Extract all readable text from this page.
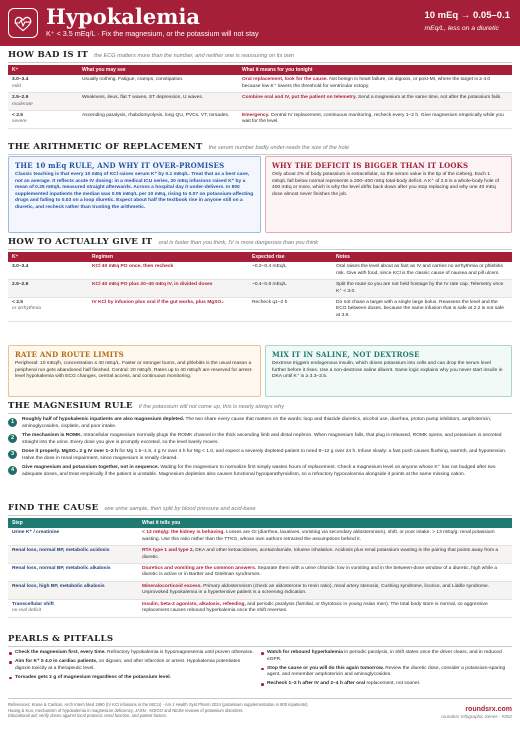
Hypokalemia
K⁺ < 3.5 mEq/L · Fix the magnesium, or the potassium will not stay
10 mEq → 0.05–0.1
mEq/L, less on a diuretic
HOW BAD IS IT the ECG matters more than the number, and neither one is reassuring on its own
K⁺	What you may see	What it means for you tonight
3.0–3.4
mild	Usually nothing. Fatigue, cramps, constipation.	Oral replacement, look for the cause. Not benign in heart failure, on digoxin, or post-MI, where the target is ≥ 4.0 because low K⁺ lowers the threshold for ventricular ectopy.
2.5–2.9
moderate	Weakness, ileus, flat T waves, ST depression, U waves.	Combine oral and IV, put the patient on telemetry. Send a magnesium at the same time, not after the potassium fails.
< 2.5
severe	Ascending paralysis, rhabdomyolysis, long QU, PVCs, VT, torsades.	Emergency. Central IV replacement, continuous monitoring, recheck every 1–2 h. Give magnesium empirically while you wait for the level.
THE ARITHMETIC OF REPLACEMENT the serum number badly under-reads the size of the hole
THE 10 mEq RULE, AND WHY IT OVER-PROMISES
Classic teaching is that every 10 mEq of KCl raises serum K⁺ by 0.1 mEq/L. Treat that as a best case, not an average. It reflects acute IV dosing: in a medical ICU series, 20 mEq infusions raised K⁺ by a mean of 0.25 mEq/L measured straight afterwards. Across a hospital day it under-delivers. In 800 supplemented inpatients the median was 0.05 mEq/L per 10 mEq, rising to 0.07 on potassium-affecting drugs and falling to 0.03 on a loop diuretic. Expect about half the textbook rise in anyone still on a diuretic, and recheck rather than trusting the arithmetic.
WHY THE DEFICIT IS BIGGER THAN IT LOOKS
Only about 2% of body potassium is extracellular, so the serum value is the tip of the iceberg. Each 1 mEq/L fall below normal represents a 200–400 mEq total-body deficit. A K⁺ of 2.5 is a whole-body hole of 400 mEq or more, which is why the level drifts back down after you stop replacing and why one 40 mEq dose almost never finishes the job.
HOW TO ACTUALLY GIVE IT oral is faster than you think, IV is more dangerous than you think
K⁺	Regimen	Expected rise	Notes
3.0–3.4	KCl 40 mEq PO once, then recheck	~0.2–0.4 mEq/L	Oral raises the level about as fast as IV and carries no arrhythmia or phlebitis risk. Give with food, since KCl is the classic cause of nausea and pill ulcers.
2.5–2.9	KCl 40 mEq PO plus 20–40 mEq IV, in divided doses	~0.4–0.8 mEq/L	Split the route so you are not held hostage by the IV rate cap. Telemetry once K⁺ < 3.0.
< 2.5
or arrhythmia	IV KCl by infusion plus oral if the gut works, plus MgSO₄	Recheck q1–2 h	Do not chase a target with a single large bolus. Reassess the level and the ECG between doses, because the same infusion that is safe at 2.2 is not safe at 3.8.
RATE AND ROUTE LIMITS
Peripheral: 10 mEq/h, concentration ≤ 40 mEq/L. Faster or stronger burns, and phlebitis is the usual reason a peripheral run gets abandoned half finished. Central: 20 mEq/h. Rates up to 40 mEq/h are reserved for arrest-level hypokalemia with ECG changes, central access, and continuous monitoring.
MIX IT IN SALINE, NOT DEXTROSE
Dextrose triggers endogenous insulin, which drives potassium into cells and can drop the serum level further before it rises. Use a non-dextrose saline diluent. Same logic explains why you never start insulin in DKA until K⁺ is ≥ 3.3–3.5.
THE MAGNESIUM RULE if the potassium will not come up, this is nearly always why
1	Roughly half of hypokalemic inpatients are also magnesium depleted. The two share every cause that matters on the wards: loop and thiazide diuretics, alcohol use, diarrhea, proton pump inhibitors, amphotericin, aminoglycosides, cisplatin, and poor intake.

2	The mechanism is ROMK. Intracellular magnesium normally plugs the ROMK channel in the thick ascending limb and distal nephron. When magnesium falls, that plug is released, ROMK opens, and potassium is secreted straight into the urine. Every dose you give is promptly excreted, so the level barely moves.

3	Dose it properly. MgSO₄ 2 g IV over 1–2 h for Mg 1.5–1.9, 4 g IV over 4 h for Mg < 1.0, and expect a severely depleted patient to need 8–12 g over 24 h. Infuse slowly: a fast push causes flushing, warmth, and hypotension. Halve the dose in renal impairment, since magnesium is renally cleared.

4	Give magnesium and potassium together, not in sequence. Waiting for the magnesium to normalize first simply wastes hours of replacement. Check a magnesium level on anyone whose K⁺ has not budged after two adequate doses, and treat empirically if the patient is unstable. Magnesium depletion also causes functional hypoparathyroidism, so a refractory hypocalcemia alongside it points at the same missing cation.

FIND THE CAUSE one urine sample, then split by blood pressure and acid-base
Step	What it tells you
Urine K⁺ / creatinine	< 13 mEq/g: the kidney is behaving. Losses are GI (diarrhea, laxatives, vomiting via secondary aldosteronism), shift, or poor intake. > 13 mEq/g: renal potassium wasting. Use this ratio rather than the TTKG, whose own authors retracted the assumptions behind it.
Renal loss, normal BP, metabolic acidosis	RTA type 1 and type 2, DKA and other ketoacidoses, acetazolamide, toluene inhalation. Acidosis plus renal potassium wasting is the pairing that points away from a diuretic.
Renal loss, normal BP, metabolic alkalosis	Diuretics and vomiting are the common answers. Separate them with a urine chloride: low in vomiting and in the between-dose window of a diuretic, high while a diuretic is active or in Bartter and Gitelman syndromes.
Renal loss, high BP, metabolic alkalosis	Mineralocorticoid excess. Primary aldosteronism (check an aldosterone to renin ratio), renal artery stenosis, Cushing syndrome, licorice, and Liddle syndrome. Unprovoked hypokalemia in a hypertensive patient is a screening indication.
Transcellular shift
no real deficit	Insulin, beta-2 agonists, alkalosis, refeeding, and periodic paralysis (familial, or thyrotoxic in young Asian men). The total body store is normal, so aggressive replacement causes rebound hyperkalemia once the shift reverses.
PEARLS & PITFALLS
Check the magnesium first, every time. Refractory hypokalemia is hypomagnesemia until proven otherwise.
Aim for K⁺ ≥ 4.0 in cardiac patients, on digoxin, and after infarction or arrest. Hypokalemia potentiates digoxin toxicity at a therapeutic level.
Torsades gets 2 g of magnesium regardless of the potassium level.
Watch for rebound hyperkalemia in periodic paralysis, in shift states once the driver clears, and in reduced eGFR.
Stop the cause or you will do this again tomorrow. Review the diuretic dose, consider a potassium-sparing agent, and remember amphotericin and aminoglycosides.
Recheck 1–2 h after IV and 2–4 h after oral replacement, not sooner.
References: Kruse & Carlson, Arch Intern Med 1990 (IV KCl infusions in the MICU) · Am J Health Syst Pharm 2024 (potassium supplementation in 800 inpatients)
Huang & Kuo, mechanism of hypokalemia in magnesium deficiency, JASN · KDIGO and NEJM reviews of potassium disorders.
Educational aid; verify doses against local protocol, renal function, and patient factors.
roundsrx.com
rounders Infographic Series · #052
